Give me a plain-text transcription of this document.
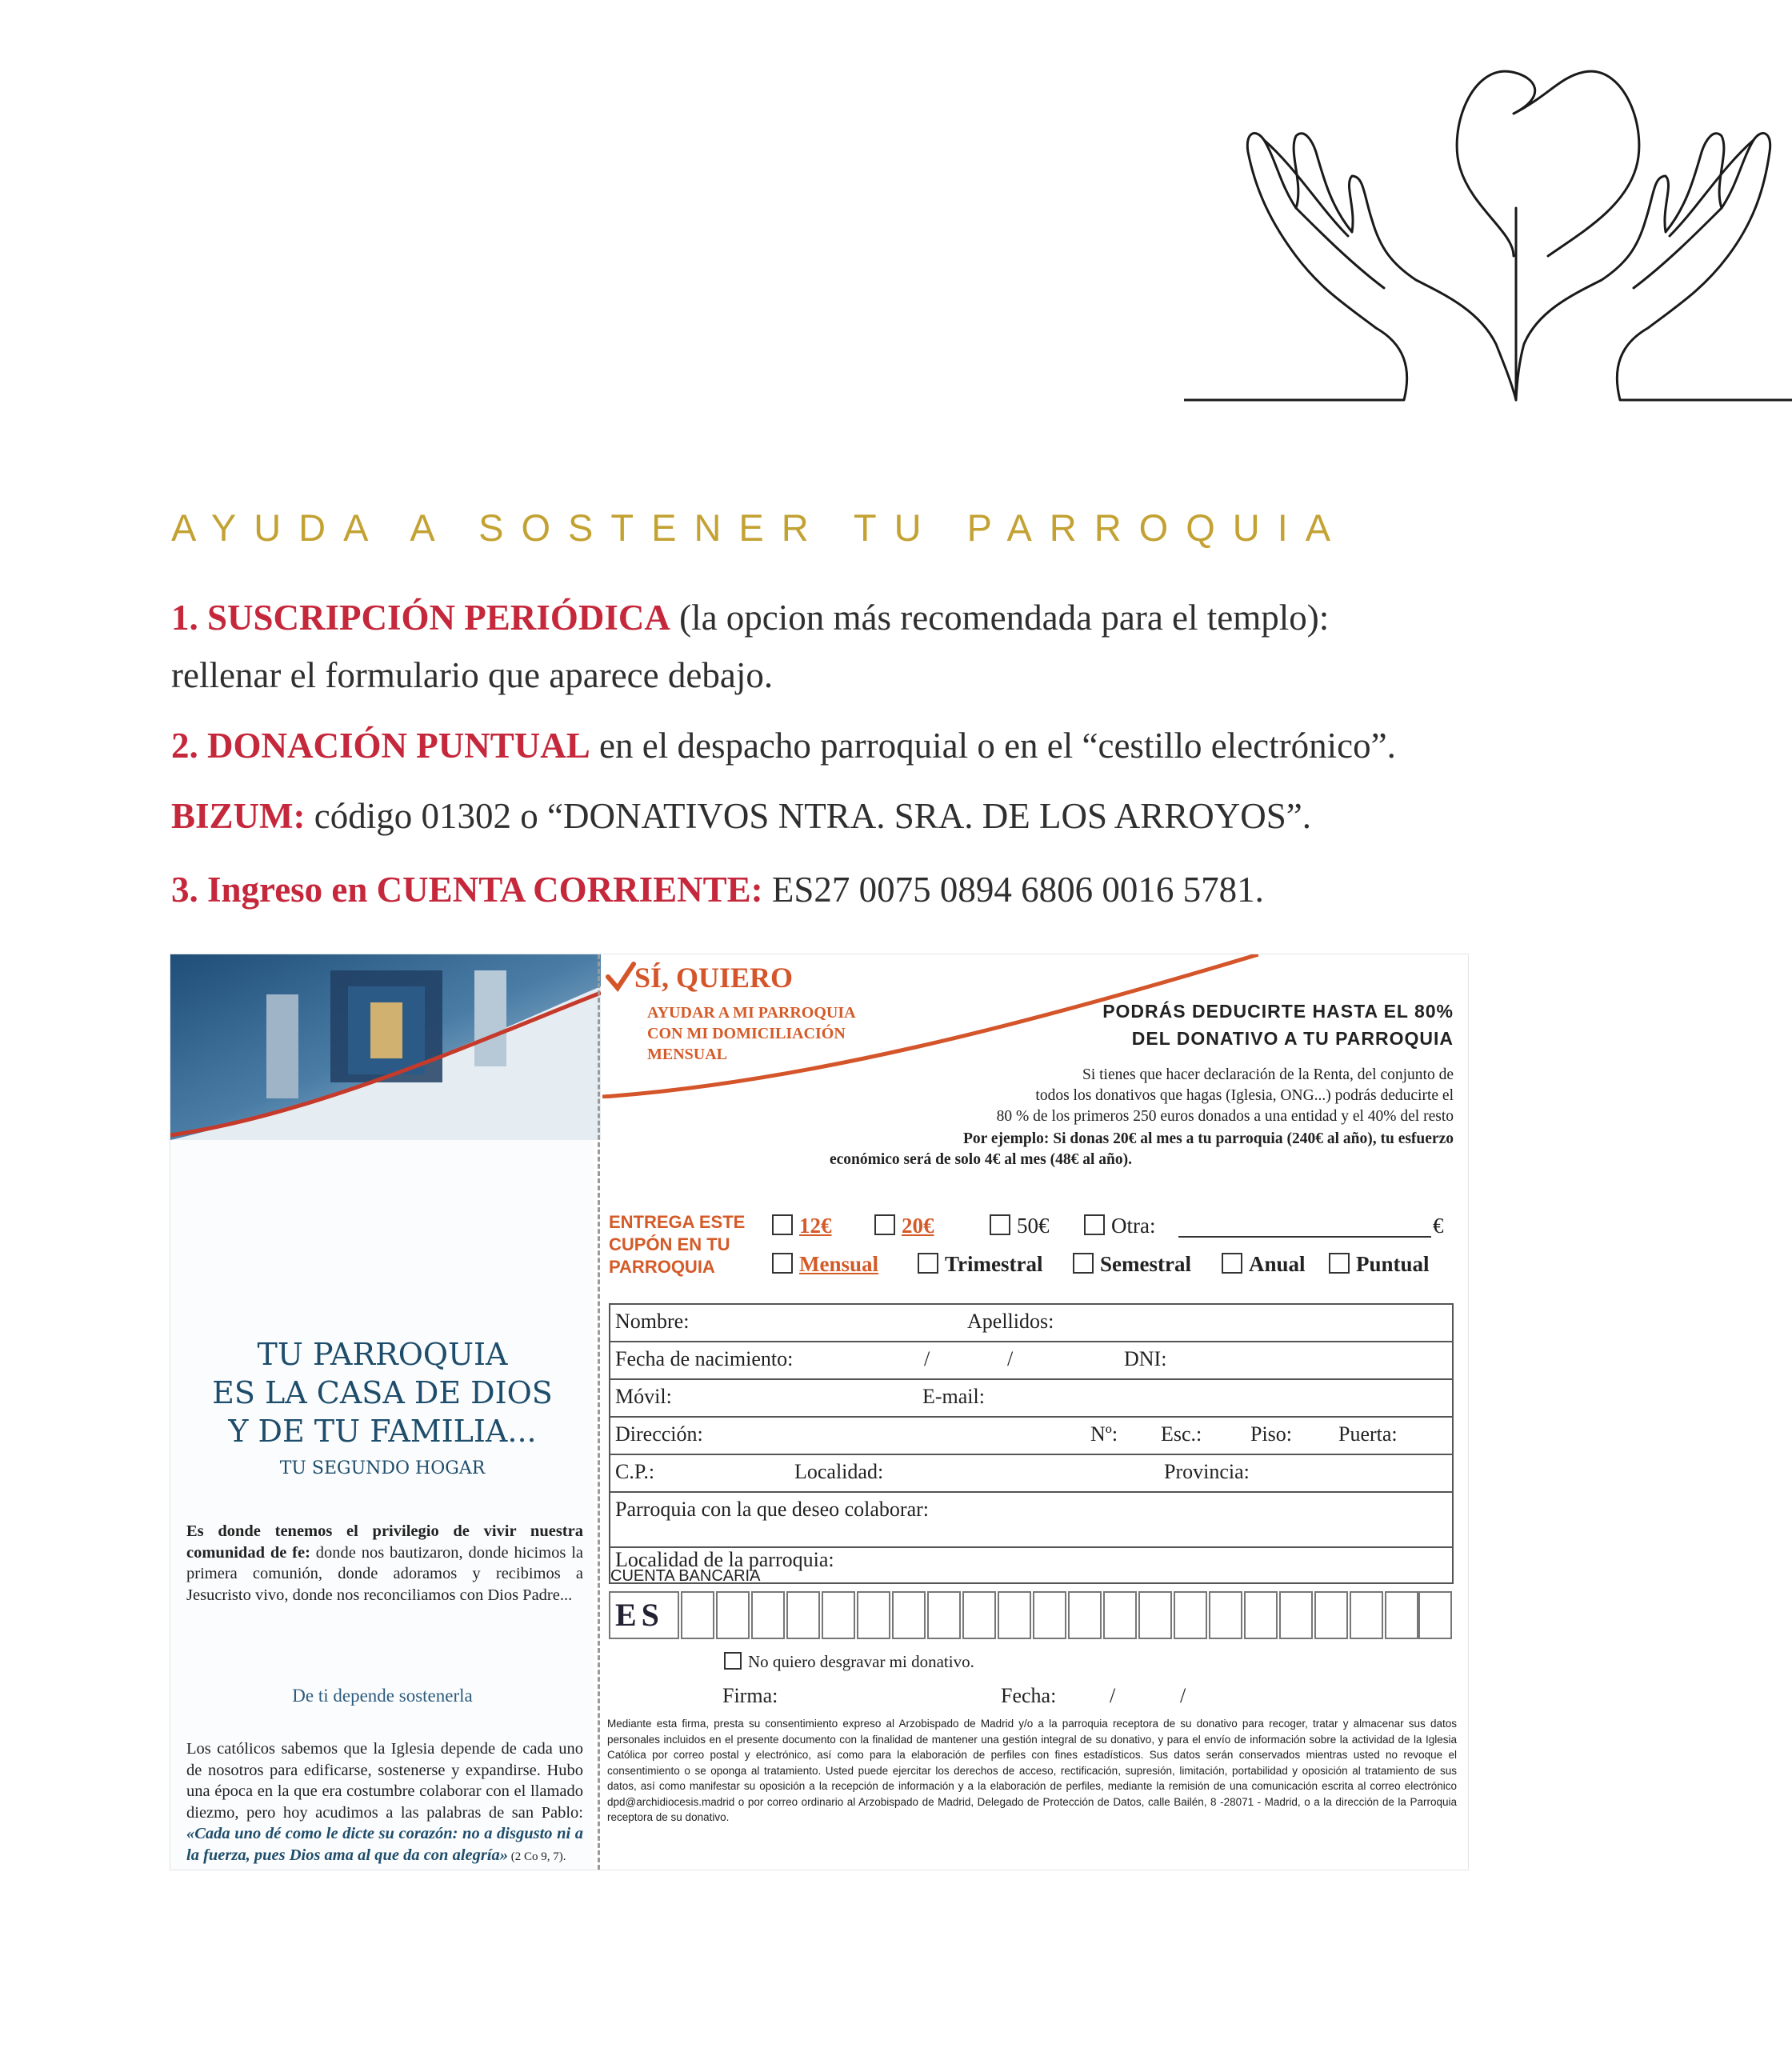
AYUDA A SOSTENER TU PARROQUIA
1. SUSCRIPCIÓN PERIÓDICA (la opcion más recomendada para el templo):
rellenar el formulario que aparece debajo.
2. DONACIÓN PUNTUAL en el despacho parroquial o en el “cestillo electrónico”.
BIZUM: código 01302 o “DONATIVOS NTRA. SRA. DE LOS ARROYOS”.
3. Ingreso en CUENTA CORRIENTE: ES27 0075 0894 6806 0016 5781.
TU PARROQUIA
ES LA CASA DE DIOS
Y DE TU FAMILIA...
TU SEGUNDO HOGAR
Es donde tenemos el privilegio de vivir nuestra comunidad de fe: donde nos bautizaron, donde hicimos la primera comunión, donde adoramos y recibimos a Jesucristo vivo, donde nos reconciliamos con Dios Padre...
De ti depende sostenerla
Los católicos sabemos que la Iglesia depende de cada uno de nosotros para edificarse, sostenerse y expandirse. Hubo una época en la que era costumbre colaborar con el llamado diezmo, pero hoy acudimos a las palabras de san Pablo: «Cada uno dé como le dicte su corazón: no a disgusto ni a la fuerza, pues Dios ama al que da con alegría» (2 Co 9, 7).
SÍ, QUIERO
AYUDAR A MI PARROQUIA
CON MI DOMICILIACIÓN
MENSUAL
PODRÁS DEDUCIRTE HASTA EL 80%
DEL DONATIVO A TU PARROQUIA
Si tienes que hacer declaración de la Renta, del conjunto de
todos los donativos que hagas (Iglesia, ONG...) podrás deducirte el
80 % de los primeros 250 euros donados a una entidad y el 40% del resto
Por ejemplo: Si donas 20€ al mes a tu parroquia (240€ al año), tu esfuerzo
económico será de solo 4€ al mes (48€ al año).
ENTREGA ESTE
CUPÓN EN TU
PARROQUIA
12€	20€	50€	Otra:	€
Mensual	Trimestral	Semestral	Anual	Puntual
Nombre:	Apellidos:
Fecha de nacimiento:	/	/	DNI:
Móvil:	E-mail:
Dirección:	Nº: Esc.: Piso: Puerta:
C.P.:	Localidad:	Provincia:
Parroquia con la que deseo colaborar:
Localidad de la parroquia:
CUENTA BANCARIA
ES
No quiero desgravar mi donativo.
Firma:	Fecha:	/	/
Mediante esta firma, presta su consentimiento expreso al Arzobispado de Madrid y/o a la parroquia receptora de su donativo para recoger, tratar y almacenar sus datos personales incluidos en el presente documento con la finalidad de mantener una gestión integral de su donativo, y para el envío de información sobre la actividad de la Iglesia Católica por correo postal y electrónico, así como para la elaboración de perfiles con fines estadísticos. Sus datos serán conservados mientras usted no revoque el consentimiento o se oponga al tratamiento. Usted puede ejercitar los derechos de acceso, rectificación, supresión, limitación, portabilidad y oposición al tratamiento de sus datos, así como manifestar su oposición a la recepción de información y a la elaboración de perfiles, mediante la remisión de una comunicación escrita al correo electrónico dpd@archidiocesis.madrid o por correo ordinario al Arzobispado de Madrid, Delegado de Protección de Datos, calle Bailén, 8 -28071 - Madrid, o a la dirección de la Parroquia receptora de su donativo.
